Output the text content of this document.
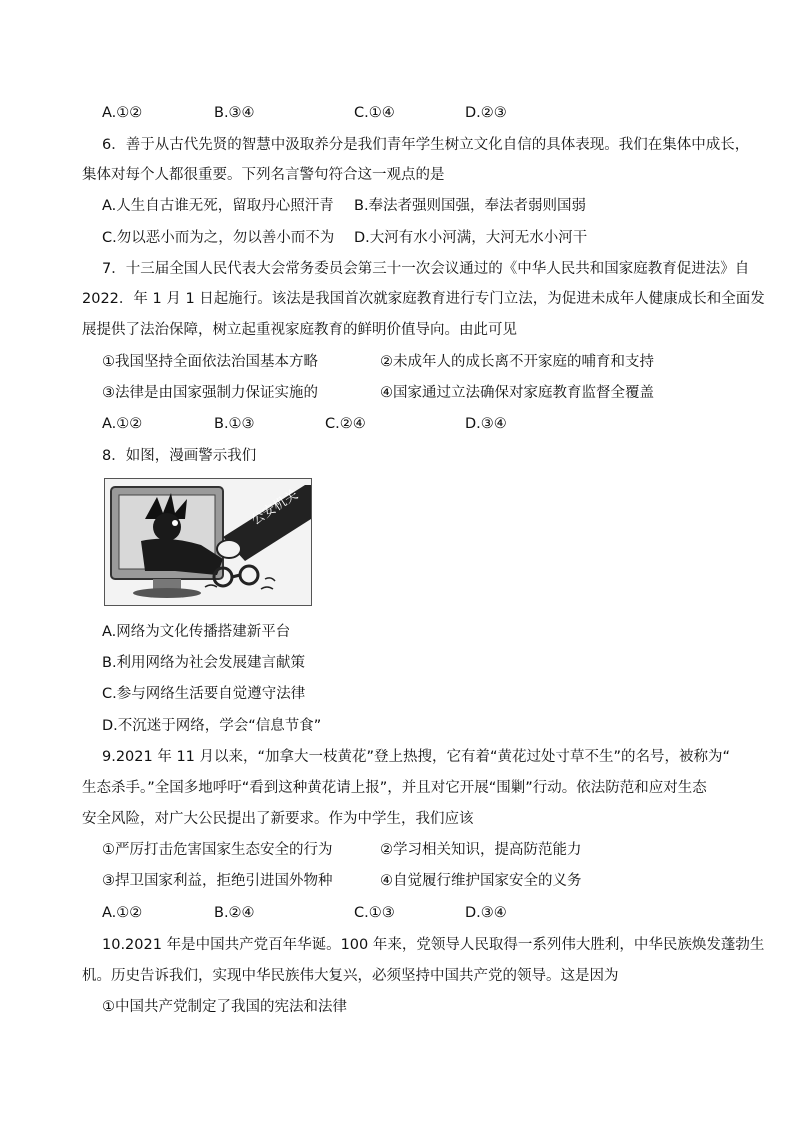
A.①②	B.③④	C.①④	D.②③
6．善于从古代先贤的智慧中汲取养分是我们青年学生树立文化自信的具体表现。我们在集体中成长，
集体对每个人都很重要。下列名言警句符合这一观点的是
A.人生自古谁无死，留取丹心照汗青 B.奉法者强则国强，奉法者弱则国弱
C.勿以恶小而为之，勿以善小而不为 D.大河有水小河满，大河无水小河干
7．十三届全国人民代表大会常务委员会第三十一次会议通过的《中华人民共和国家庭教育促进法》自
2022．年 1 月 1 日起施行。该法是我国首次就家庭教育进行专门立法，为促进未成年人健康成长和全面发
展提供了法治保障，树立起重视家庭教育的鲜明价值导向。由此可见
①我国坚持全面依法治国基本方略	②未成年人的成长离不开家庭的哺育和支持
③法律是由国家强制力保证实施的	④国家通过立法确保对家庭教育监督全覆盖
A.①②	B.①③	C.②④	D.③④
8．如图，漫画警示我们
公安机关
A.网络为文化传播搭建新平台
B.利用网络为社会发展建言献策
C.参与网络生活要自觉遵守法律
D.不沉迷于网络，学会“信息节食”
9.2021 年 11 月以来，“加拿大一枝黄花”登上热搜，它有着“黄花过处寸草不生”的名号，被称为“
生态杀手。”全国多地呼吁“看到这种黄花请上报”，并且对它开展“围剿”行动。依法防范和应对生态
安全风险，对广大公民提出了新要求。作为中学生，我们应该
①严厉打击危害国家生态安全的行为	②学习相关知识，提高防范能力
③捍卫国家利益，拒绝引进国外物种	④自觉履行维护国家安全的义务
A.①②	B.②④	C.①③	D.③④
10.2021 年是中国共产党百年华诞。100 年来，党领导人民取得一系列伟大胜利，中华民族焕发蓬勃生
机。历史告诉我们，实现中华民族伟大复兴，必须坚持中国共产党的领导。这是因为
①中国共产党制定了我国的宪法和法律
